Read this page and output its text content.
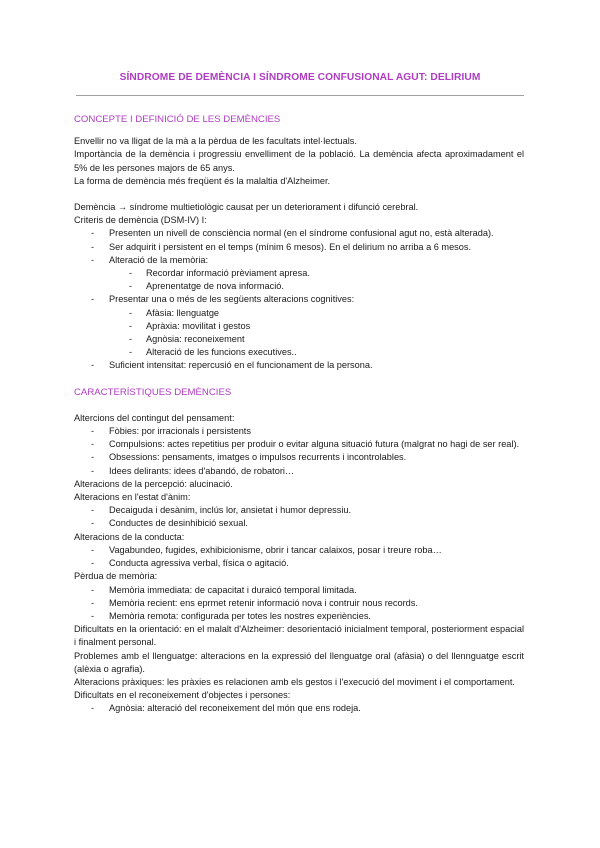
SÍNDROME DE DEMÈNCIA I SÍNDROME CONFUSIONAL AGUT: DELIRIUM
CONCEPTE I DEFINICIÓ DE LES DEMÈNCIES
Envellir no va lligat de la mà a la pèrdua de les facultats intel·lectuals.
Importància de la demència i progressiu envelliment de la població. La demència afecta aproximadament el 5% de les persones majors de 65 anys.
La forma de demència més freqüent és la malaltia d'Alzheimer.
Demència → síndrome multietiològic causat per un deteriorament i difunció cerebral.
Criteris de demència (DSM-IV) I:
- Presenten un nivell de consciència normal (en el síndrome confusional agut no, està alterada).
- Ser adquirit i persistent en el temps (mínim 6 mesos). En el delirium no arriba a 6 mesos.
- Alteració de la memòria:
- Recordar informació prèviament apresa.
- Aprenentatge de nova informació.
- Presentar una o més de les següents alteracions cognitives:
- Afàsia: llenguatge
- Apràxia: movilitat i gestos
- Agnòsia: reconeixement
- Alteració de les funcions executives..
- Suficient intensitat: repercusió en el funcionament de la persona.
CARACTERÍSTIQUES DEMÈNCIES
Altercions del contingut del pensament:
- Fòbies: por irracionals i persistents
- Compulsions: actes repetitius per produir o evitar alguna situació futura (malgrat no hagi de ser real).
- Obsessions: pensaments, imatges o impulsos recurrents i incontrolables.
- Idees delirants: idees d'abandó, de robatori…
Alteracions de la percepció: alucinació.
Alteracions en l'estat d'ànim:
- Decaiguda i desànim, inclús lor, ansietat i humor depressiu.
- Conductes de desinhibició sexual.
Alteracions de la conducta:
- Vagabundeo, fugides, exhibicionisme, obrir i tancar calaixos, posar i treure roba…
- Conducta agressiva verbal, física o agitació.
Pèrdua de memòria:
- Memòria immediata: de capacitat i duraicó temporal limitada.
- Memòria recient: ens eprmet retenir informació nova i contruir nous records.
- Memòria remota: configurada per totes les nostres experiències.
Dificultats en la orientació: en el malalt d'Alzheimer: desorientació inicialment temporal, posteriorment espacial i finalment personal.
Problemes amb el llenguatge: alteracions en la expressió del llenguatge oral (afàsia) o del llennguatge escrit (alèxia o agrafia).
Alteracions pràxiques: les pràxies es relacionen amb els gestos i l'execució del moviment i el comportament.
Dificultats en el reconeixement d'objectes i persones:
- Agnòsia: alteració del reconeixement del món que ens rodeja.
